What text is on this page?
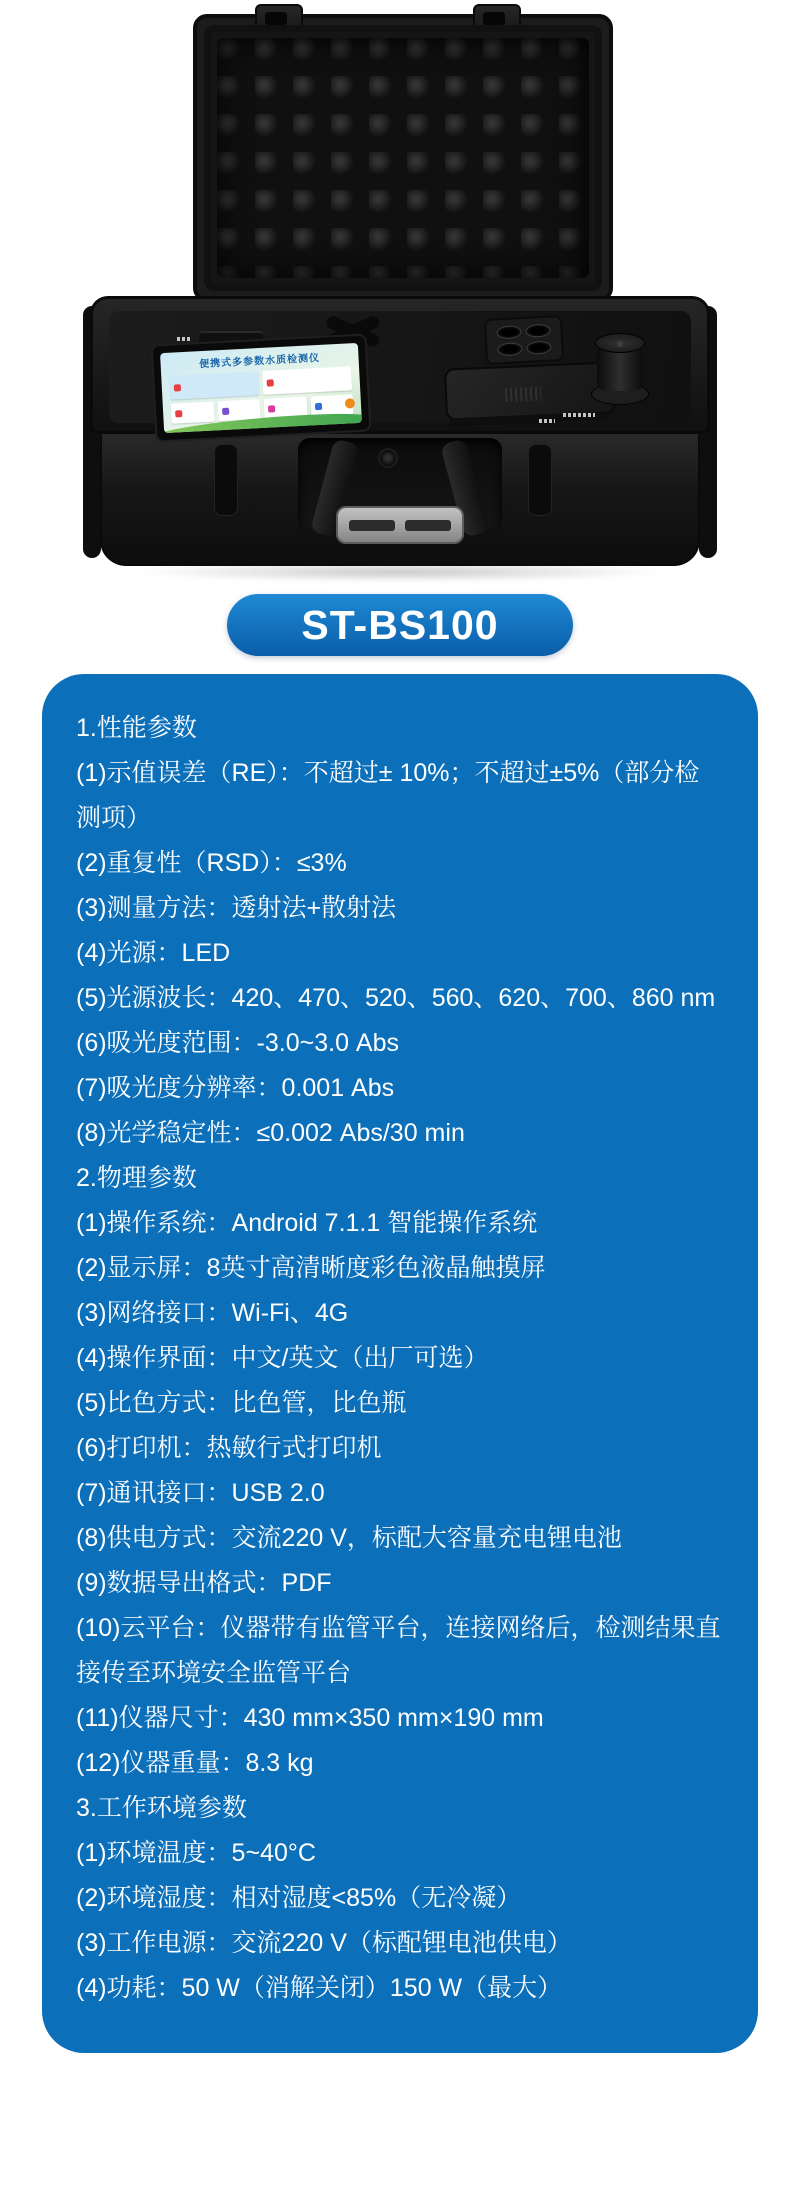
便携式多参数水质检测仪
ST-BS100
1.性能参数
(1)示值误差（RE）：不超过± 10%；不超过±5%（部分检测项）
(2)重复性（RSD）：≤3%
(3)测量方法：透射法+散射法
(4)光源：LED
(5)光源波长：420、470、520、560、620、700、860 nm
(6)吸光度范围：-3.0~3.0 Abs
(7)吸光度分辨率：0.001 Abs
(8)光学稳定性：≤0.002 Abs/30 min
2.物理参数
(1)操作系统：Android 7.1.1 智能操作系统
(2)显示屏：8英寸高清晰度彩色液晶触摸屏
(3)网络接口：Wi-Fi、4G
(4)操作界面：中文/英文（出厂可选）
(5)比色方式：比色管，比色瓶
(6)打印机：热敏行式打印机
(7)通讯接口：USB 2.0
(8)供电方式：交流220 V，标配大容量充电锂电池
(9)数据导出格式：PDF
(10)云平台：仪器带有监管平台，连接网络后，检测结果直接传至环境安全监管平台
(11)仪器尺寸：430 mm×350 mm×190 mm
(12)仪器重量：8.3 kg
3.工作环境参数
(1)环境温度：5~40°C
(2)环境湿度：相对湿度<85%（无冷凝）
(3)工作电源：交流220 V（标配锂电池供电）
(4)功耗：50 W（消解关闭）150 W（最大）
